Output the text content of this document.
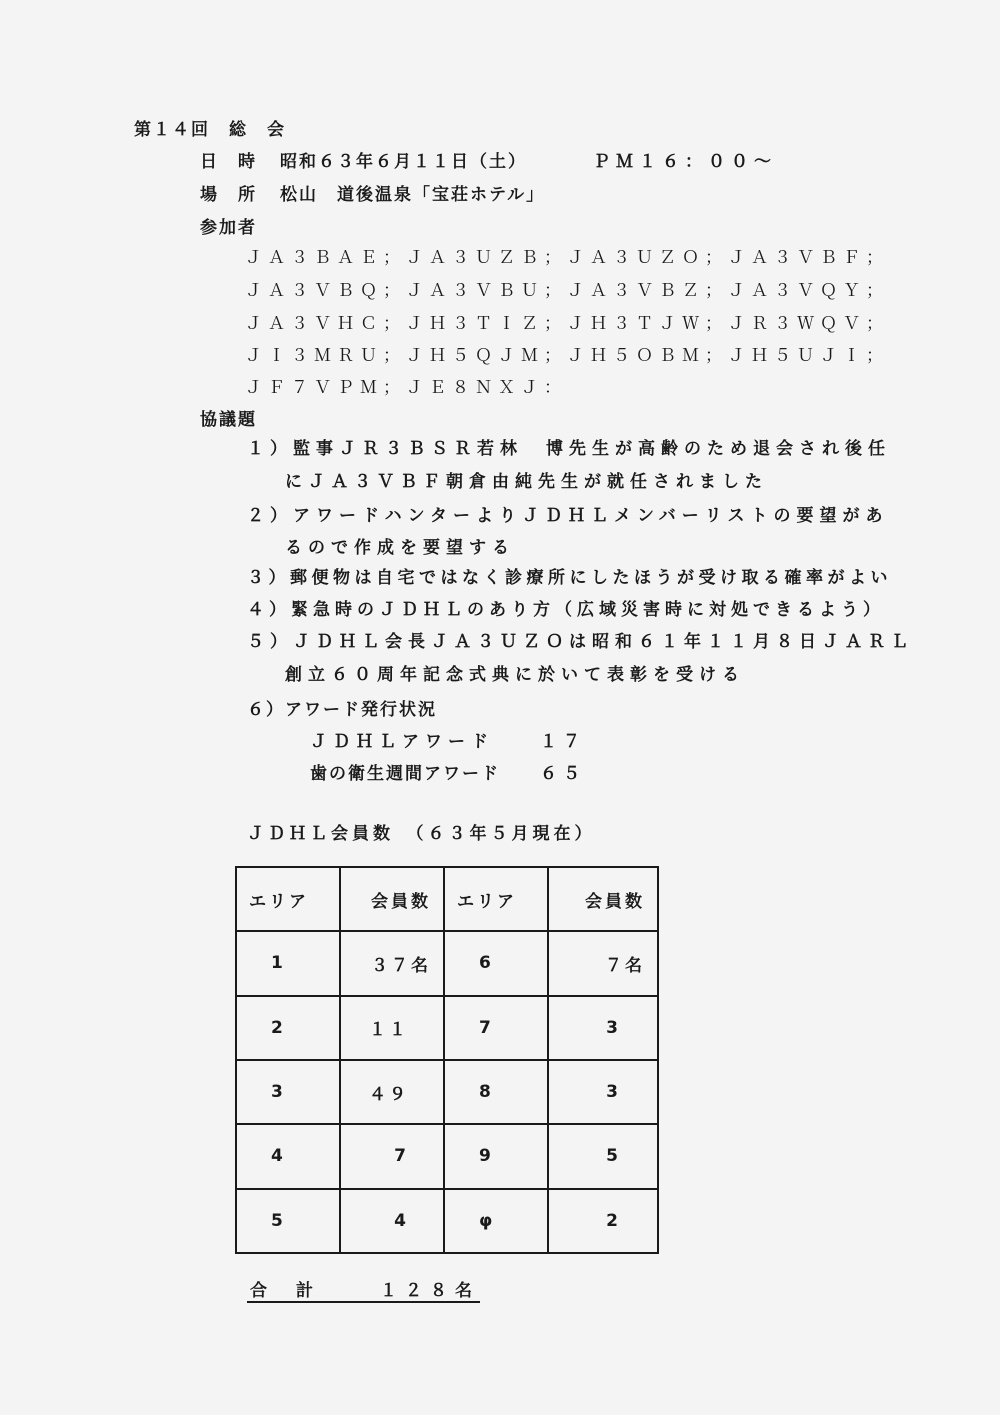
第１４回　総　会
日　時 昭和６３年６月１１日（土）	ＰＭ１６：００～
場　所 松山　道後温泉「宝荘ホテル」
参加者
ＪＡ３ＢＡＥ；ＪＡ３ＵＺＢ；ＪＡ３ＵＺＯ；ＪＡ３ＶＢＦ；
ＪＡ３ＶＢＱ；ＪＡ３ＶＢＵ；ＪＡ３ＶＢＺ；ＪＡ３ＶＱＹ；
ＪＡ３ＶＨＣ；ＪＨ３ＴＩＺ；ＪＨ３ＴＪＷ；ＪＲ３ＷＱＶ；
ＪＩ３ＭＲＵ；ＪＨ５ＱＪＭ；ＪＨ５ＯＢＭ；ＪＨ５ＵＪＩ；
ＪＦ７ＶＰＭ；ＪＥ８ＮＸＪ：
協議題
１）監事ＪＲ３ＢＳＲ若林　博先生が高齢のため退会され後任
にＪＡ３ＶＢＦ朝倉由純先生が就任されました
２）アワードハンターよりＪＤＨＬメンバーリストの要望があ
るので作成を要望する
３）郵便物は自宅ではなく診療所にしたほうが受け取る確率がよい
４）緊急時のＪＤＨＬのあり方（広域災害時に対処できるよう）
５）ＪＤＨＬ会長ＪＡ３ＵＺＯは昭和６１年１１月８日ＪＡＲＬ
創立６０周年記念式典に於いて表彰を受ける
６）アワード発行状況
ＪＤＨＬアワード	１７
歯の衛生週間アワード ６５
ＪＤＨＬ会員数　（６３年５月現在）
エリア	会員数	エリア	会員数
1	３７名	6	７名
2	１１	7	3
3	４９	8	3
4	7	9	5
5	4	φ	2
合　計	１２８名
